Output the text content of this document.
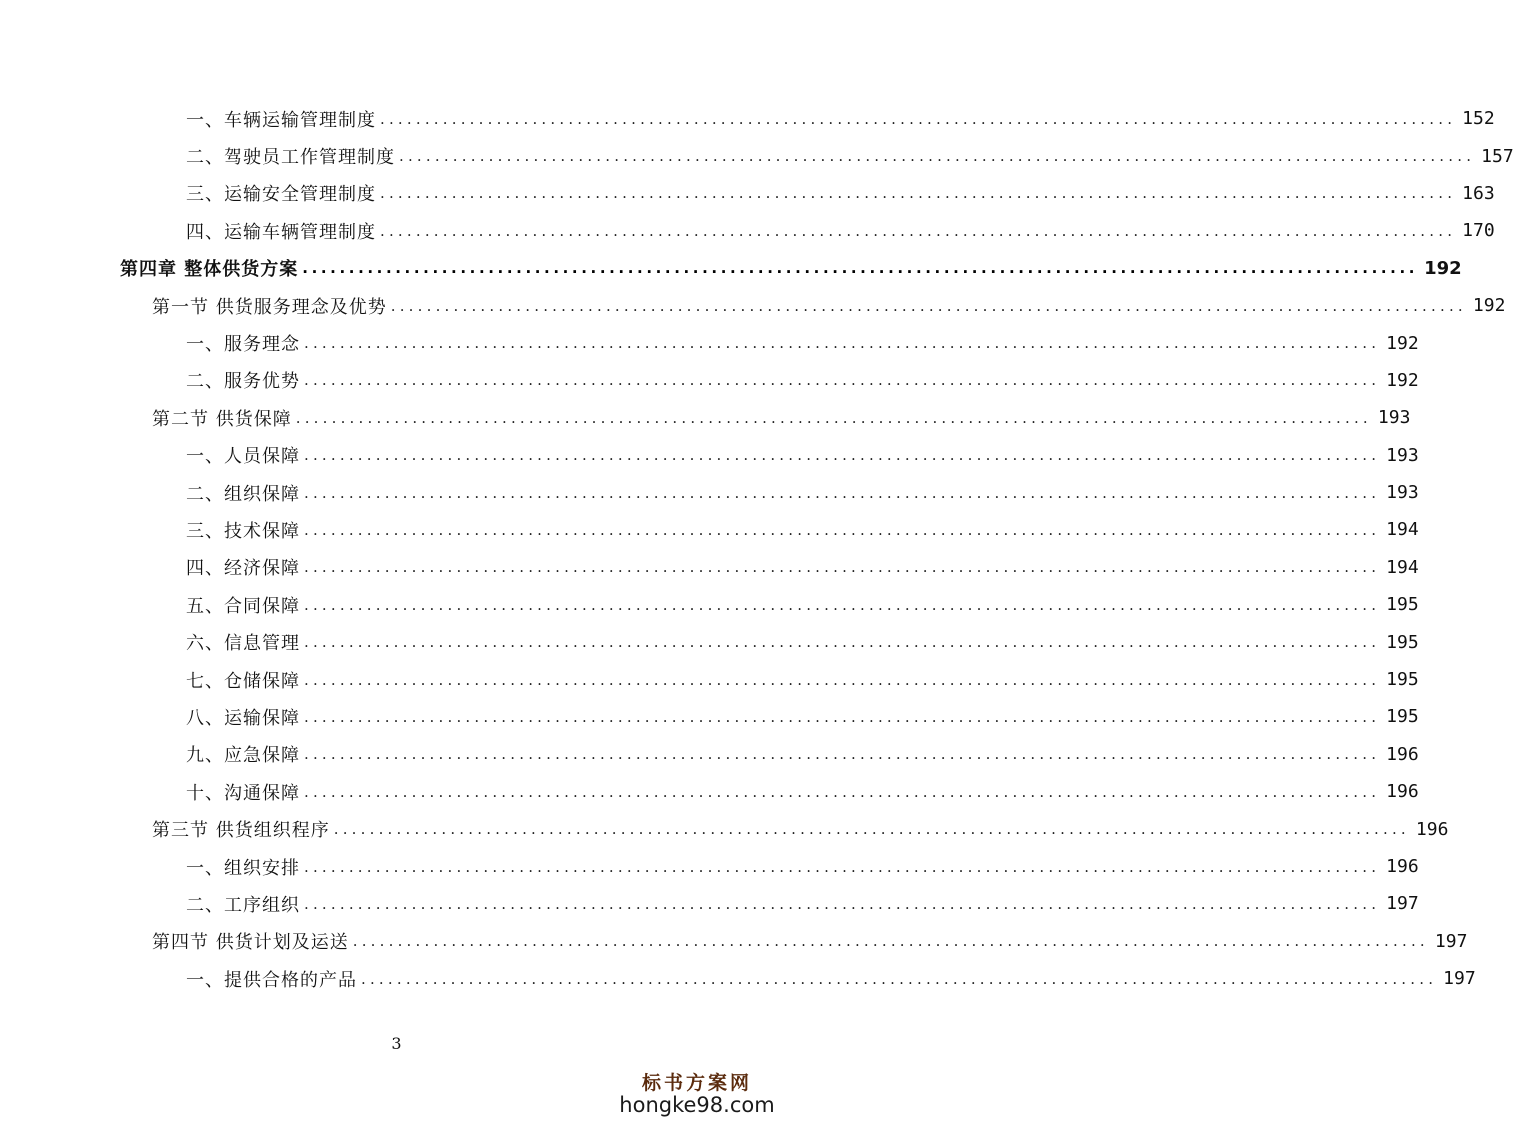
一、车辆运输管理制度 ........................................................................................................................ 152
二、驾驶员工作管理制度 ........................................................................................................................ 157
三、运输安全管理制度 ........................................................................................................................ 163
四、运输车辆管理制度 ........................................................................................................................ 170
第四章 整体供货方案 ........................................................................................................................ 192
第一节 供货服务理念及优势 ........................................................................................................................ 192
一、服务理念 ........................................................................................................................ 192
二、服务优势 ........................................................................................................................ 192
第二节 供货保障 ........................................................................................................................ 193
一、人员保障 ........................................................................................................................ 193
二、组织保障 ........................................................................................................................ 193
三、技术保障 ........................................................................................................................ 194
四、经济保障 ........................................................................................................................ 194
五、合同保障 ........................................................................................................................ 195
六、信息管理 ........................................................................................................................ 195
七、仓储保障 ........................................................................................................................ 195
八、运输保障 ........................................................................................................................ 195
九、应急保障 ........................................................................................................................ 196
十、沟通保障 ........................................................................................................................ 196
第三节 供货组织程序 ........................................................................................................................ 196
一、组织安排 ........................................................................................................................ 196
二、工序组织 ........................................................................................................................ 197
第四节 供货计划及运送 ........................................................................................................................ 197
一、提供合格的产品 ........................................................................................................................ 197
3
标书方案网
hongke98.com
